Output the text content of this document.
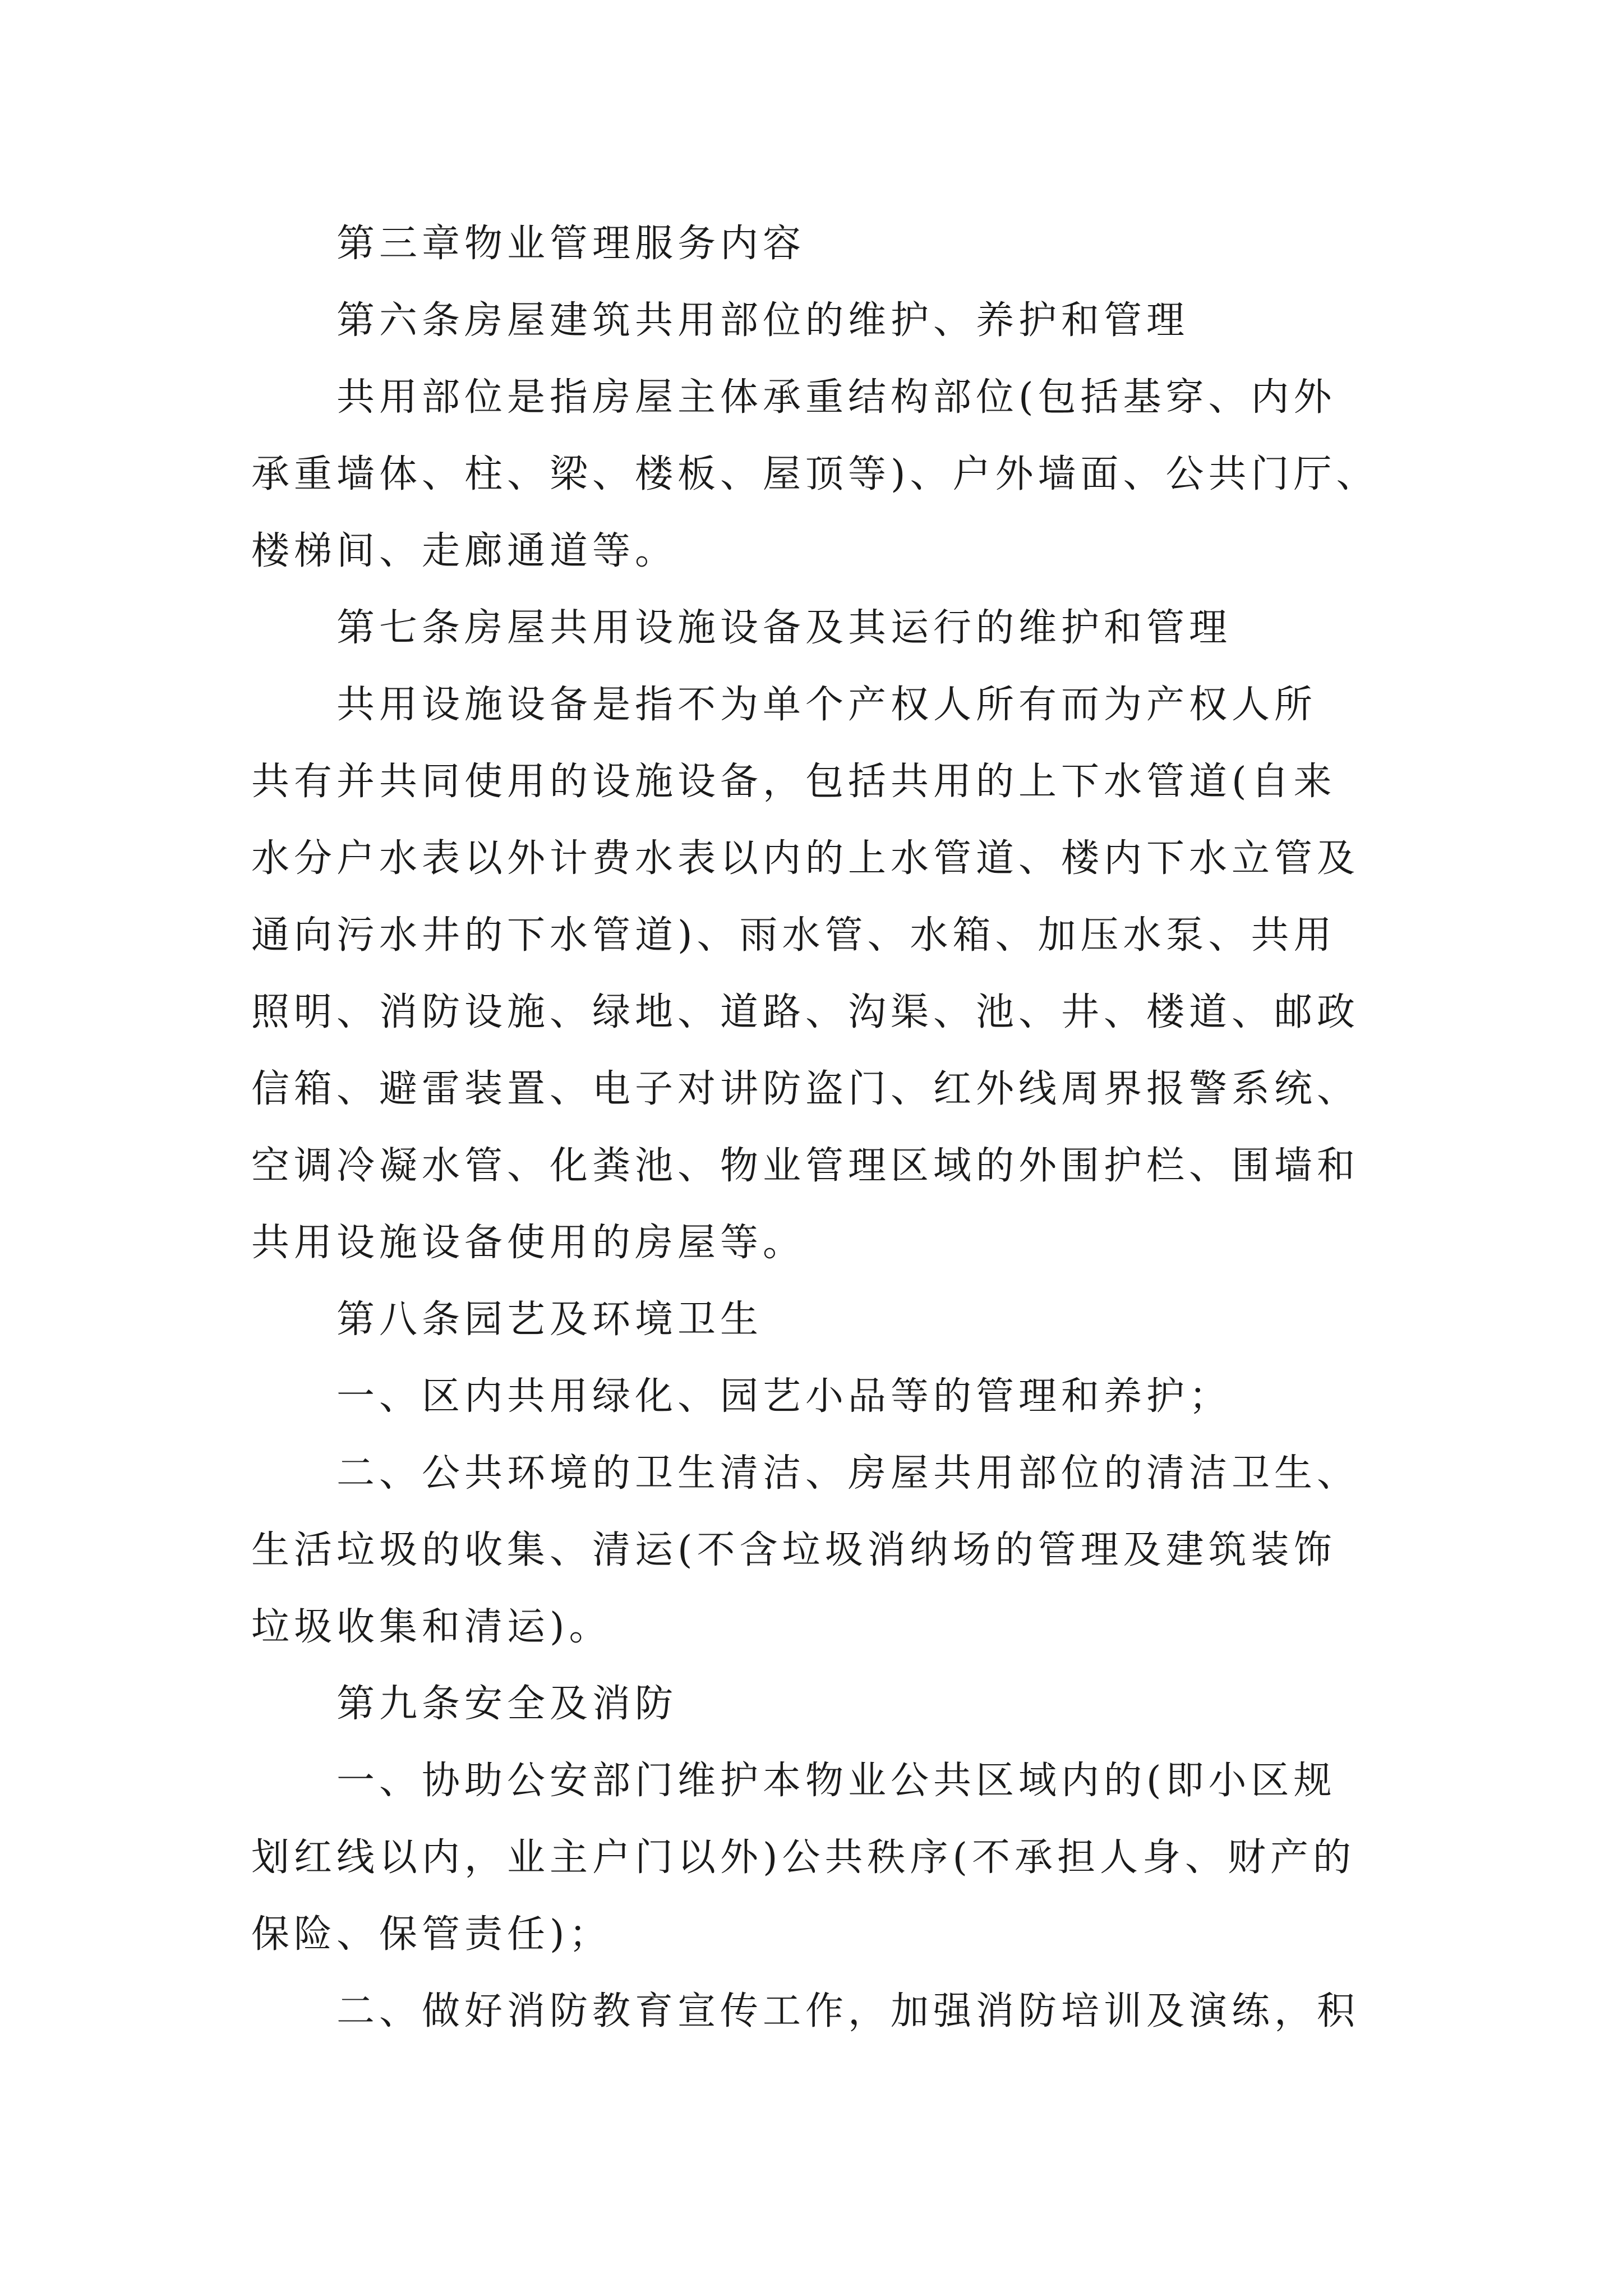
第三章物业管理服务内容
第六条房屋建筑共用部位的维护、养护和管理
共用部位是指房屋主体承重结构部位(包括基穿、内外
承重墙体、柱、梁、楼板、屋顶等)、户外墙面、公共门厅、
楼梯间、走廊通道等。
第七条房屋共用设施设备及其运行的维护和管理
共用设施设备是指不为单个产权人所有而为产权人所
共有并共同使用的设施设备，包括共用的上下水管道(自来
水分户水表以外计费水表以内的上水管道、楼内下水立管及
通向污水井的下水管道)、雨水管、水箱、加压水泵、共用
照明、消防设施、绿地、道路、沟渠、池、井、楼道、邮政
信箱、避雷装置、电子对讲防盗门、红外线周界报警系统、
空调冷凝水管、化粪池、物业管理区域的外围护栏、围墙和
共用设施设备使用的房屋等。
第八条园艺及环境卫生
一、区内共用绿化、园艺小品等的管理和养护；
二、公共环境的卫生清洁、房屋共用部位的清洁卫生、
生活垃圾的收集、清运(不含垃圾消纳场的管理及建筑装饰
垃圾收集和清运)。
第九条安全及消防
一、协助公安部门维护本物业公共区域内的(即小区规
划红线以内，业主户门以外)公共秩序(不承担人身、财产的
保险、保管责任)；
二、做好消防教育宣传工作，加强消防培训及演练，积
